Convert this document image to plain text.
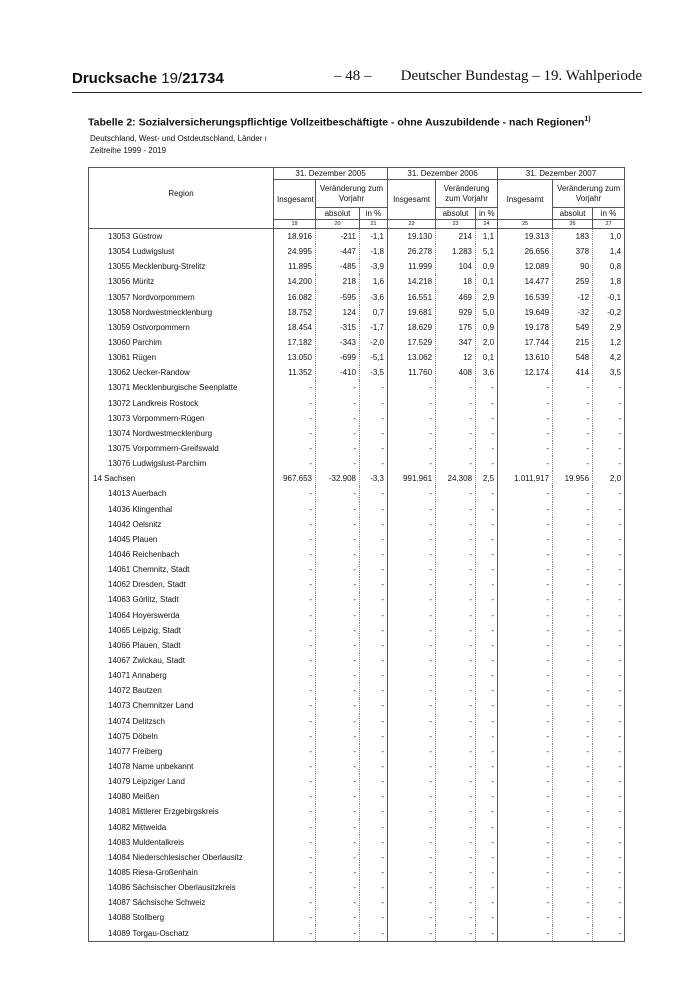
Drucksache 19/21734	– 48 – Deutscher Bundestag – 19. Wahlperiode
Tabelle 2: Sozialversicherungspflichtige Vollzeitbeschäftigte - ohne Auszubildende - nach Regionen$^{1)}$
Deutschland, West- und Ostdeutschland, Länder ı
Zeitreihe 1999 - 2019
Region	31. Dezember 2005			31. Dezember 2006			31. Dezember 2007		
	Insgesamt	Veränderung zum Vorjahr		Insgesamt	Veränderung zum Vorjahr		Insgesamt	Veränderung zum Vorjahr	
		absolut	in %		absolut	in %		absolut	in %
	19	20	21	22	23	24	25	26	27
13053 Güstrow	18.916	-211	-1,1	19.130	214	1,1	19.313	183	1,0
13054 Ludwigslust	24.995	-447	-1,8	26.278	1.283	5,1	26.656	378	1,4
13055 Mecklenburg-Strelitz	11.895	-485	-3,9	11.999	104	0,9	12.089	90	0,8
13056 Müritz	14.200	218	1,6	14.218	18	0,1	14.477	259	1,8
13057 Nordvorpommern	16.082	-595	-3,6	16.551	469	2,9	16.539	-12	-0,1
13058 Nordwestmecklenburg	18.752	124	0,7	19.681	929	5,0	19.649	-32	-0,2
13059 Ostvorpommern	18.454	-315	-1,7	18.629	175	0,9	19.178	549	2,9
13060 Parchim	17.182	-343	-2,0	17.529	347	2,0	17.744	215	1,2
13061 Rügen	13.050	-699	-5,1	13.062	12	0,1	13.610	548	4,2
13062 Uecker-Randow	11.352	-410	-3,5	11.760	408	3,6	12.174	414	3,5
13071 Mecklenburgische Seenplatte	-	-	-	-	-	-	-	-	-
13072 Landkreis Rostock	-	-	-	-	-	-	-	-	-
13073 Vorpommern-Rügen	-	-	-	-	-	-	-	-	-
13074 Nordwestmecklenburg	-	-	-	-	-	-	-	-	-
13075 Vorpommern-Greifswald	-	-	-	-	-	-	-	-	-
13076 Ludwigslust-Parchim	-	-	-	-	-	-	-	-	-
14 Sachsen	967.653	-32.908	-3,3	991.961	24.308	2,5	1.011.917	19.956	2,0
14013 Auerbach	-	-	-	-	-	-	-	-	-
14036 Klingenthal	-	-	-	-	-	-	-	-	-
14042 Oelsnitz	-	-	-	-	-	-	-	-	-
14045 Plauen	-	-	-	-	-	-	-	-	-
14046 Reichenbach	-	-	-	-	-	-	-	-	-
14061 Chemnitz, Stadt	-	-	-	-	-	-	-	-	-
14062 Dresden, Stadt	-	-	-	-	-	-	-	-	-
14063 Görlitz, Stadt	-	-	-	-	-	-	-	-	-
14064 Hoyerswerda	-	-	-	-	-	-	-	-	-
14065 Leipzig, Stadt	-	-	-	-	-	-	-	-	-
14066 Plauen, Stadt	-	-	-	-	-	-	-	-	-
14067 Zwickau, Stadt	-	-	-	-	-	-	-	-	-
14071 Annaberg	-	-	-	-	-	-	-	-	-
14072 Bautzen	-	-	-	-	-	-	-	-	-
14073 Chemnitzer Land	-	-	-	-	-	-	-	-	-
14074 Delitzsch	-	-	-	-	-	-	-	-	-
14075 Döbeln	-	-	-	-	-	-	-	-	-
14077 Freiberg	-	-	-	-	-	-	-	-	-
14078 Name unbekannt	-	-	-	-	-	-	-	-	-
14079 Leipziger Land	-	-	-	-	-	-	-	-	-
14080 Meißen	-	-	-	-	-	-	-	-	-
14081 Mittlerer Erzgebirgskreis	-	-	-	-	-	-	-	-	-
14082 Mittweida	-	-	-	-	-	-	-	-	-
14083 Muldentalkreis	-	-	-	-	-	-	-	-	-
14084 Niederschlesischer Oberlausitz	-	-	-	-	-	-	-	-	-
14085 Riesa-Großenhain	-	-	-	-	-	-	-	-	-
14086 Sächsischer Oberlausitzkreis	-	-	-	-	-	-	-	-	-
14087 Sächsische Schweiz	-	-	-	-	-	-	-	-	-
14088 Stollberg	-	-	-	-	-	-	-	-	-
14089 Torgau-Oschatz	-	-	-	-	-	-	-	-	-
